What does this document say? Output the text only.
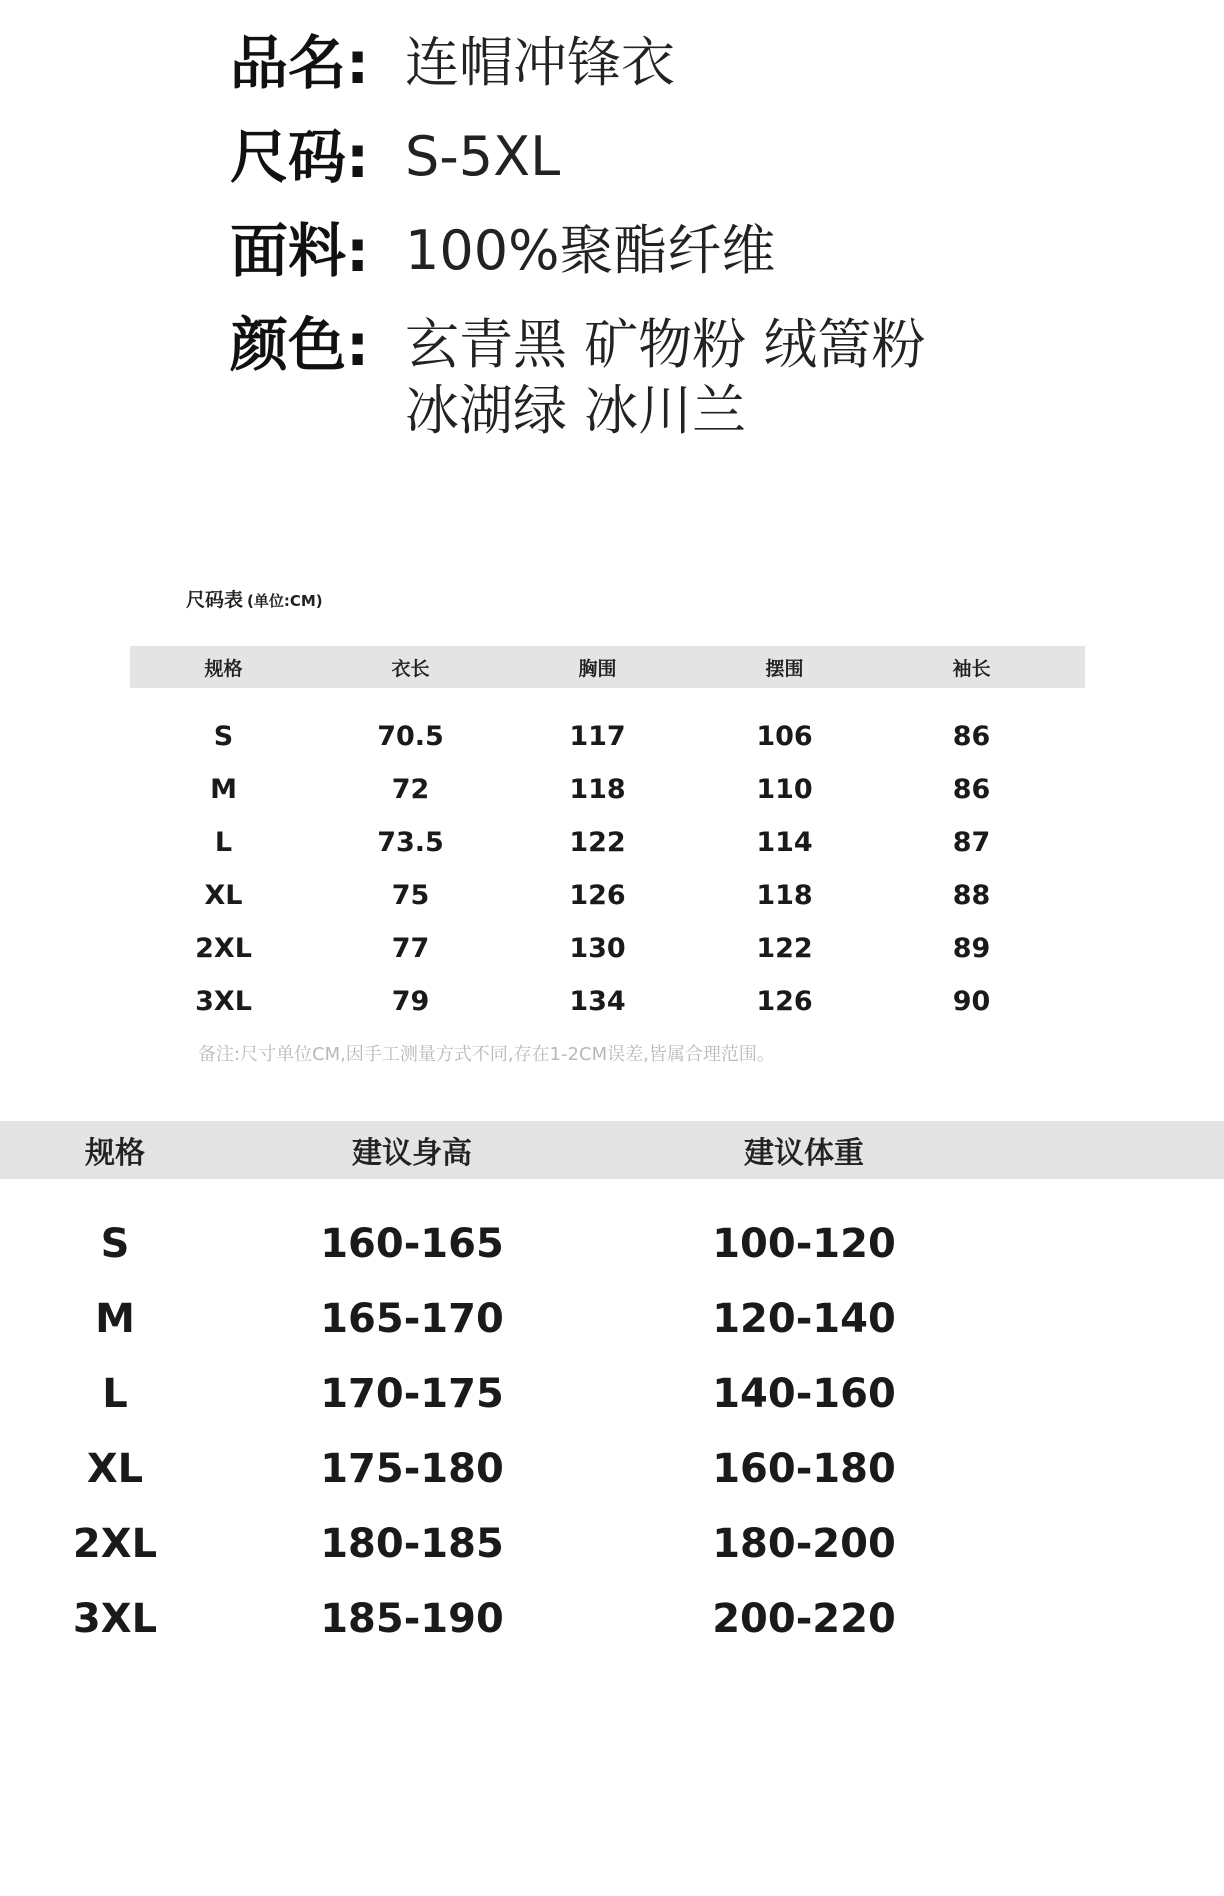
品名: 连帽冲锋衣
尺码: S-5XL
面料: 100%聚酯纤维
颜色: 玄青黑 矿物粉 绒篙粉
冰湖绿 冰川兰
尺码表 (单位:CM)
规格	衣长	胸围	摆围	袖长
S	70.5	117	106	86
M	72	118	110	86
L	73.5	122	114	87
XL	75	126	118	88
2XL	77	130	122	89
3XL	79	134	126	90
备注:尺寸单位CM,因手工测量方式不同,存在1-2CM误差,皆属合理范围。
规格	建议身高	建议体重
S	160-165	100-120
M	165-170	120-140
L	170-175	140-160
XL	175-180	160-180
2XL	180-185	180-200
3XL	185-190	200-220
